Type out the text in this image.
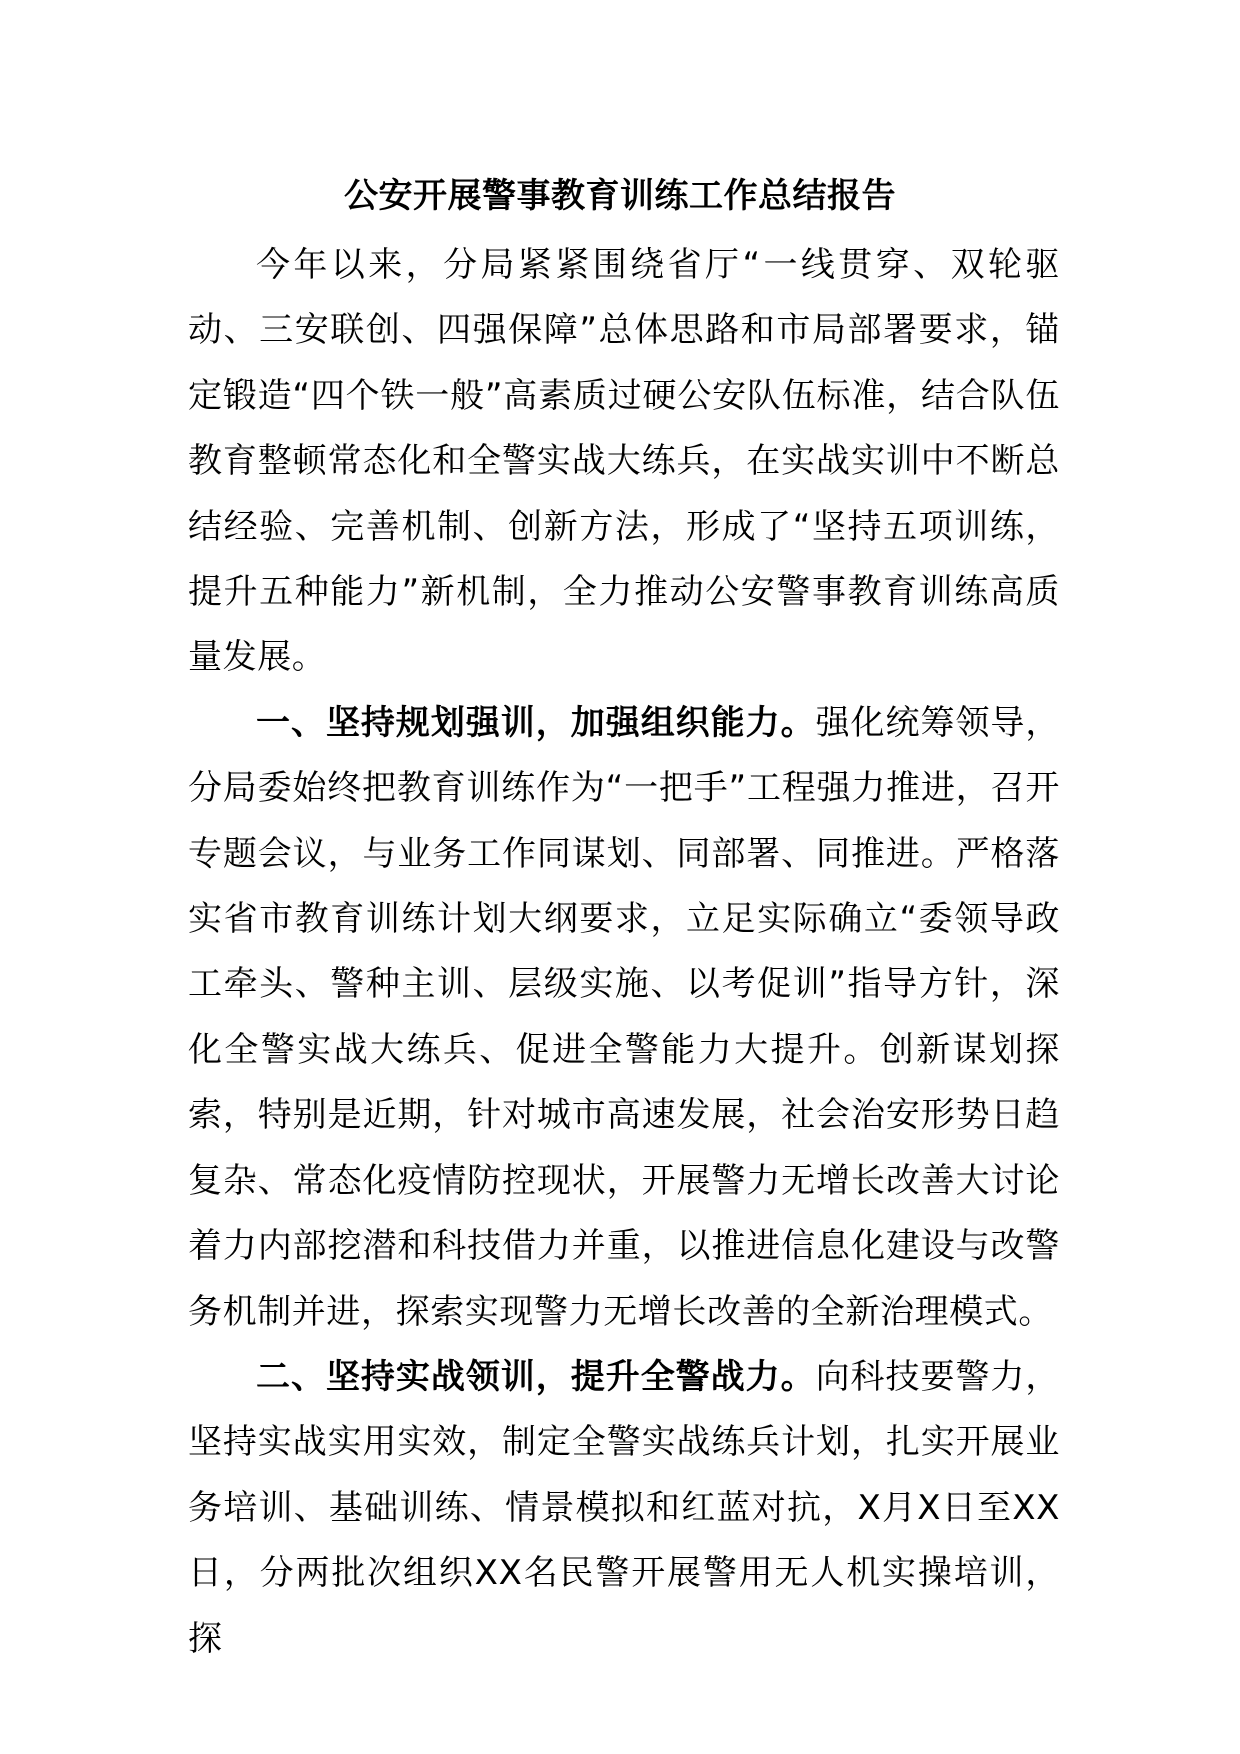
公安开展警事教育训练工作总结报告

今年以来，分局紧紧围绕省厅“一线贯穿、双轮驱动、三安联创、四强保障”总体思路和市局部署要求，锚定锻造“四个铁一般”高素质过硬公安队伍标准，结合队伍教育整顿常态化和全警实战大练兵，在实战实训中不断总结经验、完善机制、创新方法，形成了“坚持五项训练，提升五种能力”新机制，全力推动公安警事教育训练高质量发展。

一、坚持规划强训，加强组织能力。强化统筹领导，分局委始终把教育训练作为“一把手”工程强力推进，召开专题会议，与业务工作同谋划、同部署、同推进。严格落实省市教育训练计划大纲要求，立足实际确立“委领导政工牵头、警种主训、层级实施、以考促训”指导方针，深化全警实战大练兵、促进全警能力大提升。创新谋划探索，特别是近期，针对城市高速发展，社会治安形势日趋复杂、常态化疫情防控现状，开展警力无增长改善大讨论着力内部挖潜和科技借力并重，以推进信息化建设与改警务机制并进，探索实现警力无增长改善的全新治理模式。

二、坚持实战领训，提升全警战力。向科技要警力，坚持实战实用实效，制定全警实战练兵计划，扎实开展业务培训、基础训练、情景模拟和红蓝对抗，X月X日至XX日，分两批次组织XX名民警开展警用无人机实操培训，探
